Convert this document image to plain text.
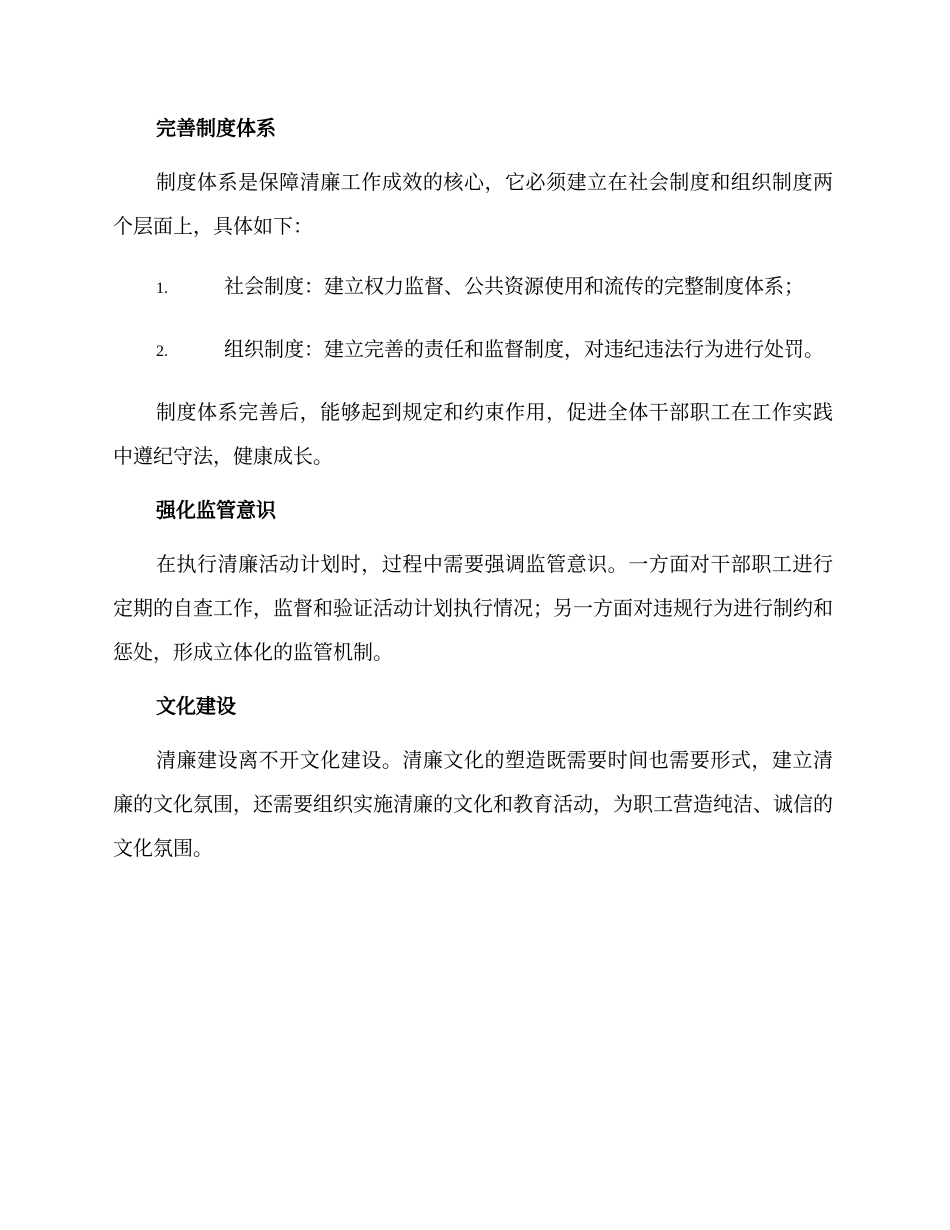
完善制度体系

制度体系是保障清廉工作成效的核心，它必须建立在社会制度和组织制度两个层面上，具体如下：

1.	社会制度：建立权力监督、公共资源使用和流传的完整制度体系；

2.	组织制度：建立完善的责任和监督制度，对违纪违法行为进行处罚。

制度体系完善后，能够起到规定和约束作用，促进全体干部职工在工作实践中遵纪守法，健康成长。

强化监管意识

在执行清廉活动计划时，过程中需要强调监管意识。一方面对干部职工进行定期的自查工作，监督和验证活动计划执行情况；另一方面对违规行为进行制约和惩处，形成立体化的监管机制。

文化建设

清廉建设离不开文化建设。清廉文化的塑造既需要时间也需要形式，建立清廉的文化氛围，还需要组织实施清廉的文化和教育活动，为职工营造纯洁、诚信的文化氛围。
